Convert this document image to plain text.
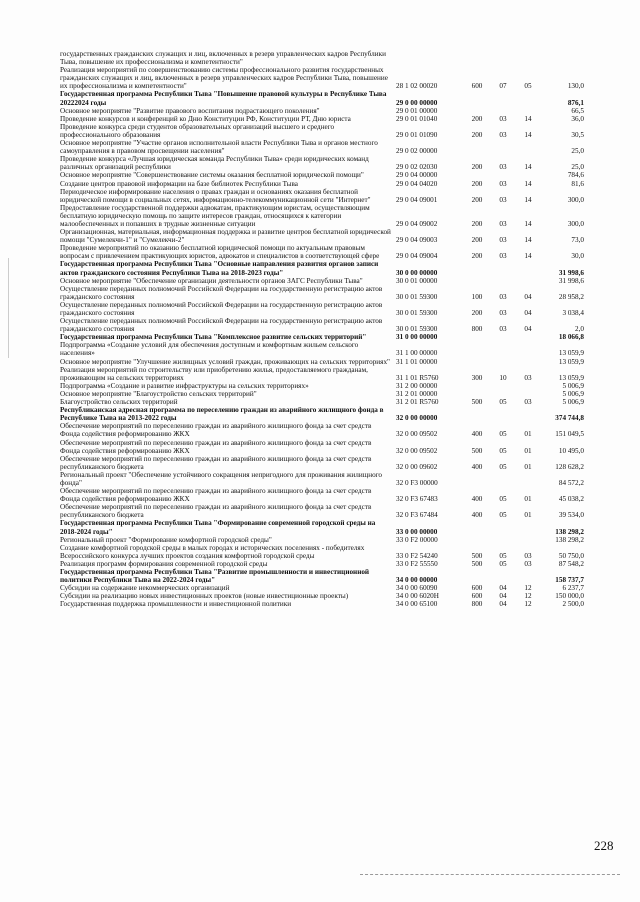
государственных гражданских служащих и лиц, включенных в резерв управленческих кадров Республики Тыва, повышение их профессионализма и компетентности"
Реализация мероприятий по совершенствованию системы профессионального развития государственных гражданских служащих и лиц, включенных в резерв управленческих кадров Республики Тыва, повышение их профессионализма и компетентности"	28 1 02 00020	600	07	05	130,0
Государственная программа Республики Тыва "Повышение правовой культуры в Республике Тыва 20222024 годы	29 0 00 00000	876,1
Основное мероприятие "Развитие правового воспитания подрастающего поколения"	29 0 01 00000	66,5
Проведение конкурсов и конференций ко Дню Конституции РФ, Конституции РТ, Дню юриста	29 0 01 01040	200	03	14	36,0
Проведение конкурса среди студентов образовательных организаций высшего и среднего профессионального образования	29 0 01 01090	200	03	14	30,5
Основное мероприятие "Участие органов исполнительной власти Республики Тыва и органов местного самоуправления в правовом просвещении населения"	29 0 02 00000	25,0
Проведение конкурса «Лучшая юридическая команда Республики Тыва» среди юридических команд различных организаций республики	29 0 02 02030	200	03	14	25,0
Основное мероприятие "Совершенствование системы оказания бесплатной юридической помощи"	29 0 04 00000	784,6
Создание центров правовой информации на базе библиотек Республики Тыва	29 0 04 04020	200	03	14	81,6
Периодическое информирование населения о правах граждан и основаниях оказания бесплатной юридической помощи в социальных сетях, информационно-телекоммуникационной сети "Интернет"	29 0 04 09001	200	03	14	300,0
Предоставление государственной поддержки адвокатам, практикующим юристам, осуществляющим бесплатную юридическую помощь по защите интересов граждан, относящихся к категории малообеспеченных и попавших в трудные жизненные ситуации	29 0 04 09002	200	03	14	300,0
Организационная, материальная, информационная поддержка и развитие центров бесплатной юридической помощи "Сумелекчи-1" и "Сумелекчи-2"	29 0 04 09003	200	03	14	73,0
Проведение мероприятий по оказанию бесплатной юридической помощи по актуальным правовым вопросам с привлечением практикующих юристов, адвокатов и специалистов в соответствующей сфере	29 0 04 09004	200	03	14	30,0
Государственная программа Республики Тыва "Основные направления развития органов записи актов гражданского состояния Республики Тыва на 2018-2023 годы"	30 0 00 00000	31 998,6
Основное мероприятие "Обеспечение организации деятельности органов ЗАГС Республики Тыва"	30 0 01 00000	31 998,6
Осуществление переданных полномочий Российской Федерации на государственную регистрацию актов гражданского состояния	30 0 01 59300	100	03	04	28 958,2
Осуществление переданных полномочий Российской Федерации на государственную регистрацию актов гражданского состояния	30 0 01 59300	200	03	04	3 038,4
Осуществление переданных полномочий Российской Федерации на государственную регистрацию актов гражданского состояния	30 0 01 59300	800	03	04	2,0
Государственная программа Республики Тыва "Комплексное развитие сельских территорий"	31 0 00 00000	18 066,8
Подпрограмма «Создание условий для обеспечения доступным и комфортным жильем сельского населения»	31 1 00 00000	13 059,9
Основное мероприятие "Улучшение жилищных условий граждан, проживающих на сельских территориях" 31 1 01 00000	13 059,9
Реализация мероприятий по строительству или приобретению жилья, предоставляемого гражданам, проживающим на сельских территориях	31 1 01 R5760	300	10	03	13 059,9
Подпрограмма «Создание и развитие инфраструктуры на сельских территориях»	31 2 00 00000	5 006,9
Основное мероприятие "Благоустройство сельских территорий"	31 2 01 00000	5 006,9
Благоустройство сельских территорий	31 2 01 R5760	500	05	03	5 006,9
Республиканская адресная программа по переселению граждан из аварийного жилищного фонда в Республике Тыва на 2013-2022 годы	32 0 00 00000	374 744,8
Обеспечение мероприятий по переселению граждан из аварийного жилищного фонда за счет средств Фонда содействия реформированию ЖКХ	32 0 00 09502	400	05	01	151 049,5
Обеспечение мероприятий по переселению граждан из аварийного жилищного фонда за счет средств Фонда содействия реформированию ЖКХ	32 0 00 09502	500	05	01	10 495,0
Обеспечение мероприятий по переселению граждан из аварийного жилищного фонда за счет средств республиканского бюджета	32 0 00 09602	400	05	01	128 628,2
Региональный проект "Обеспечение устойчивого сокращения непригодного для проживания жилищного фонда"	32 0 F3 00000	84 572,2
Обеспечение мероприятий по переселению граждан из аварийного жилищного фонда за счет средств Фонда содействия реформированию ЖКХ	32 0 F3 67483	400	05	01	45 038,2
Обеспечение мероприятий по переселению граждан из аварийного жилищного фонда за счет средств республиканского бюджета	32 0 F3 67484	400	05	01	39 534,0
Государственная программа Республики Тыва "Формирование современной городской среды на 2018-2024 годы"	33 0 00 00000	138 298,2
Региональный проект "Формирование комфортной городской среды"	33 0 F2 00000	138 298,2
Создание комфортной городской среды в малых городах и исторических поселениях - победителях Всероссийского конкурса лучших проектов создания комфортной городской среды	33 0 F2 54240	500	05	03	50 750,0
Реализация программ формирования современной городской среды	33 0 F2 55550	500	05	03	87 548,2
Государственная программа Республики Тыва "Развитие промышленности и инвестиционной политики Республики Тыва на 2022-2024 годы"	34 0 00 00000	158 737,7
Субсидии на содержание некоммерческих организаций	34 0 00 60090	600	04	12	6 237,7
Субсидии на реализацию новых инвестиционных проектов (новые инвестиционные проекты)	34 0 00 6020Н	600	04	12	150 000,0
Государственная поддержка промышленности и инвестиционной политики	34 0 00 65100	800	04	12	2 500,0
228
